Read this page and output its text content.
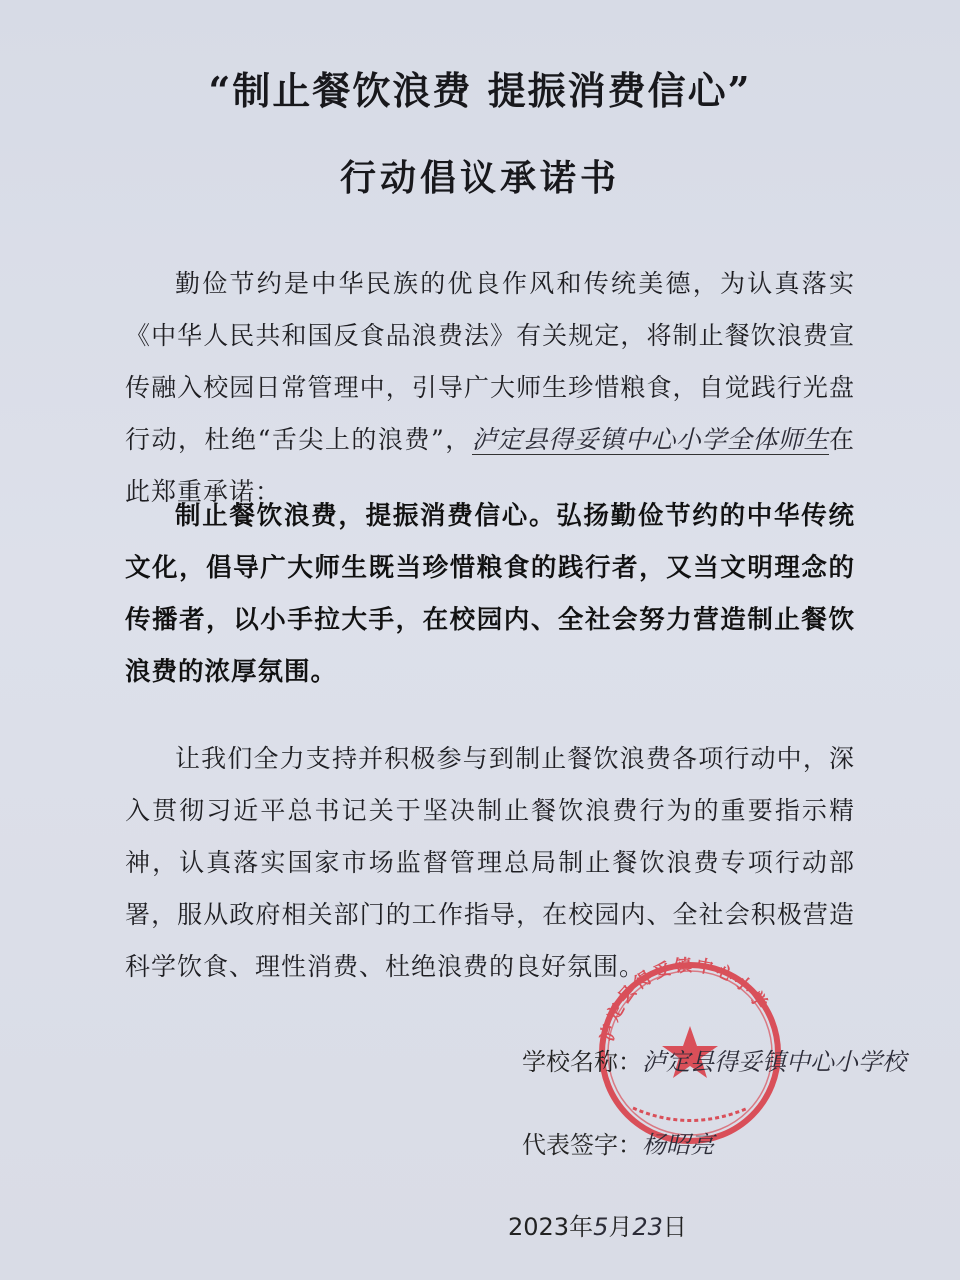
“制止餐饮浪费 提振消费信心”
行动倡议承诺书

勤俭节约是中华民族的优良作风和传统美德，为认真落实《中华人民共和国反食品浪费法》有关规定，将制止餐饮浪费宣传融入校园日常管理中，引导广大师生珍惜粮食，自觉践行光盘行动，杜绝“舌尖上的浪费”，泸定县得妥镇中心小学全体师生在此郑重承诺：

制止餐饮浪费，提振消费信心。弘扬勤俭节约的中华传统文化，倡导广大师生既当珍惜粮食的践行者，又当文明理念的传播者，以小手拉大手，在校园内、全社会努力营造制止餐饮浪费的浓厚氛围。

让我们全力支持并积极参与到制止餐饮浪费各项行动中，深入贯彻习近平总书记关于坚决制止餐饮浪费行为的重要指示精神，认真落实国家市场监督管理总局制止餐饮浪费专项行动部署，服从政府相关部门的工作指导，在校园内、全社会积极营造科学饮食、理性消费、杜绝浪费的良好氛围。

泸定县得妥镇中心小学
学校名称：泸定县得妥镇中心小学校
代表签字：杨昭亮
2023年5月23日
